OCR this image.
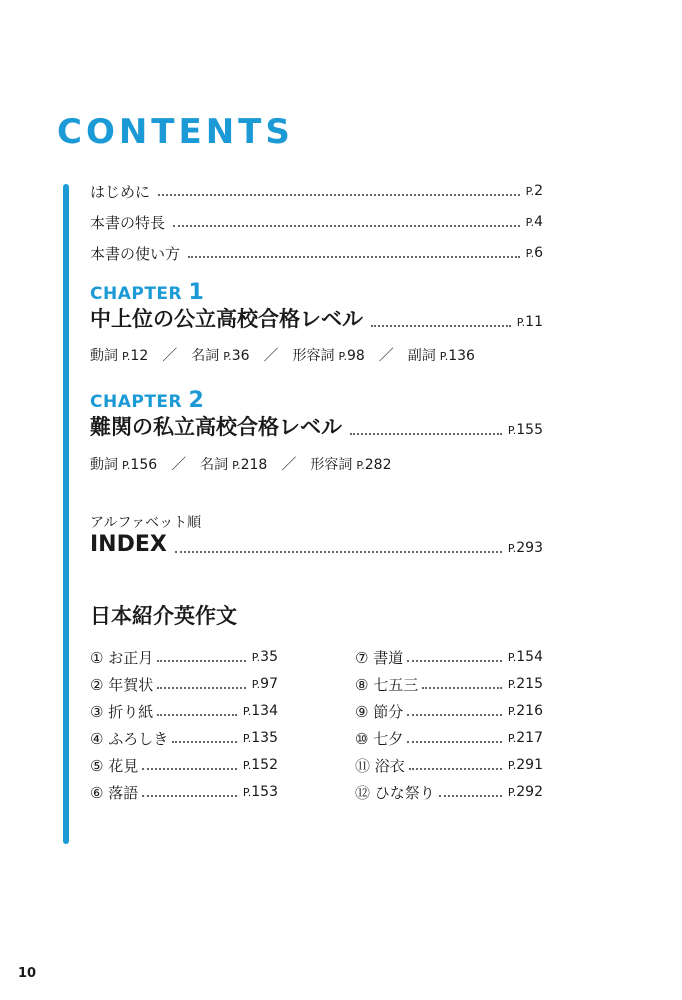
CONTENTS
はじめに	P.2
本書の特長	P.4
本書の使い方	P.6
CHAPTER 1
中上位の公立高校合格レベル	P.11
動詞 P.12 ／ 名詞 P.36 ／ 形容詞 P.98 ／ 副詞 P.136
CHAPTER 2
難関の私立高校合格レベル	P.155
動詞 P.156 ／ 名詞 P.218 ／ 形容詞 P.282
アルファベット順
INDEX	P.293
日本紹介英作文
① お正月	P.35
② 年賀状	P.97
③ 折り紙	P.134
④ ふろしき	P.135
⑤ 花見	P.152
⑥ 落語	P.153
⑦ 書道	P.154
⑧ 七五三	P.215
⑨ 節分	P.216
⑩ 七夕	P.217
⑪ 浴衣	P.291
⑫ ひな祭り	P.292
10
